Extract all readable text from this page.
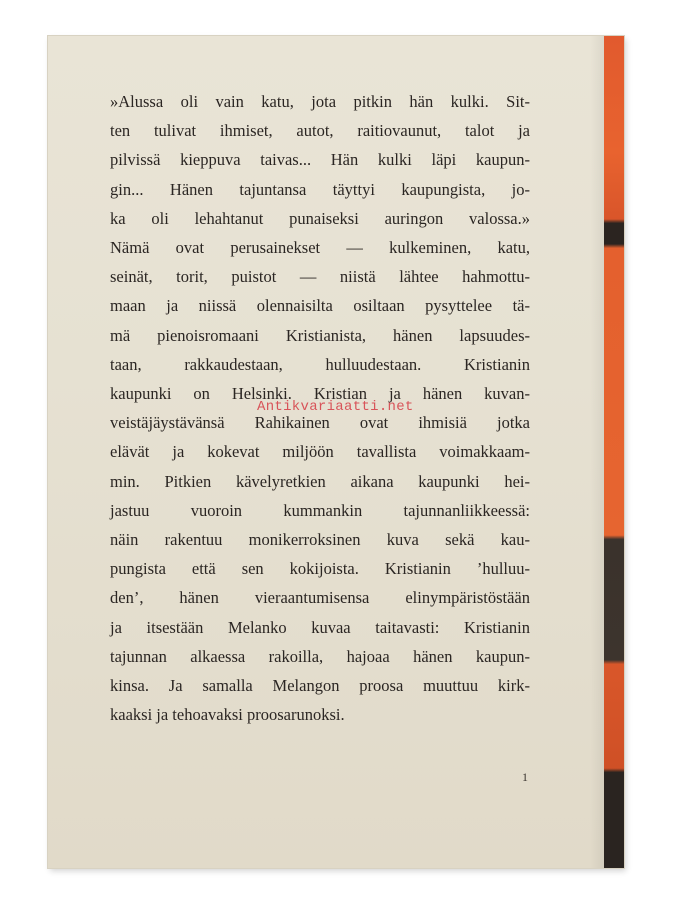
»Alussa oli vain katu, jota pitkin hän kulki. Sit-
ten tulivat ihmiset, autot, raitiovaunut, talot ja
pilvissä kieppuva taivas... Hän kulki läpi kaupun-
gin... Hänen tajuntansa täyttyi kaupungista, jo-
ka oli lehahtanut punaiseksi auringon valossa.»
Nämä ovat perusainekset — kulkeminen, katu,
seinät, torit, puistot — niistä lähtee hahmottu-
maan ja niissä olennaisilta osiltaan pysyttelee tä-
mä pienoisromaani Kristianista, hänen lapsuudes-
taan, rakkaudestaan, hulluudestaan. Kristianin
kaupunki on Helsinki. Kristian ja hänen kuvan-
veistäjäystävänsä Rahikainen ovat ihmisiä jotka
elävät ja kokevat miljöön tavallista voimakkaam-
min. Pitkien kävelyretkien aikana kaupunki hei-
jastuu vuoroin kummankin tajunnanliikkeessä:
näin rakentuu monikerroksinen kuva sekä kau-
pungista että sen kokijoista. Kristianin ’hulluu-
den’, hänen vieraantumisensa elinympäristöstään
ja itsestään Melanko kuvaa taitavasti: Kristianin
tajunnan alkaessa rakoilla, hajoaa hänen kaupun-
kinsa. Ja samalla Melangon proosa muuttuu kirk-
kaaksi ja tehoavaksi proosarunoksi.

Antikvariaatti.net
1
